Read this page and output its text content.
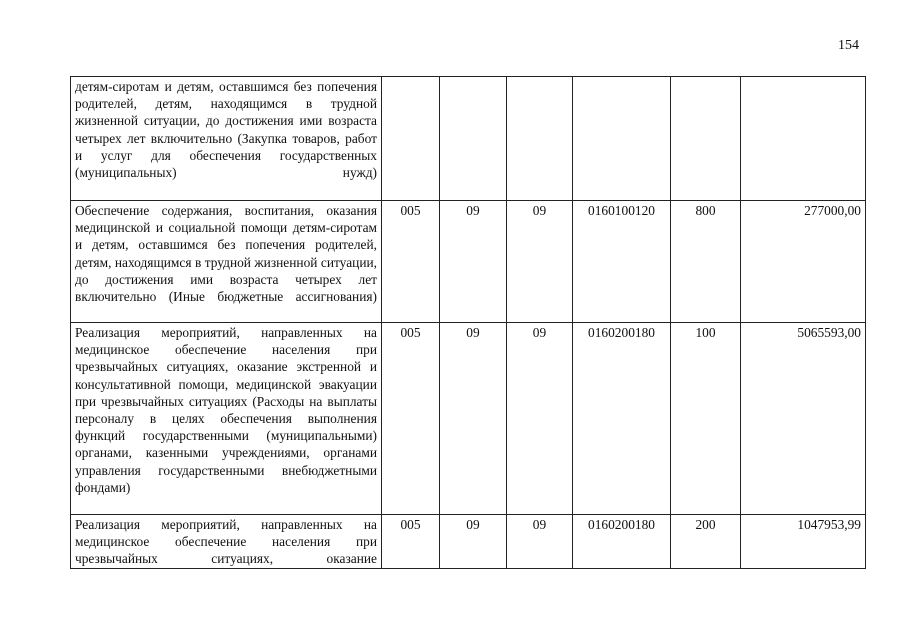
154
детям-сиротам и детям, оставшимся без попечения родителей, детям, находящимся в трудной жизненной ситуации, до достижения ими возраста четырех лет включительно (Закупка товаров, работ и услуг для обеспечения государственных (муниципальных) нужд)						
Обеспечение содержания, воспитания, оказания медицинской и социальной помощи детям-сиротам и детям, оставшимся без попечения родителей, детям, находящимся в трудной жизненной ситуации, до достижения ими возраста четырех лет включительно (Иные бюджетные ассигнования)	005	09	09	0160100120	800	277000,00
Реализация мероприятий, направленных на медицинское обеспечение населения при чрезвычайных ситуациях, оказание экстренной и консультативной помощи, медицинской эвакуации при чрезвычайных ситуациях (Расходы на выплаты персоналу в целях обеспечения выполнения функций государственными (муниципальными) органами, казенными учреждениями, органами управления государственными внебюджетными фондами)	005	09	09	0160200180	100	5065593,00
Реализация мероприятий, направленных на медицинское обеспечение населения при чрезвычайных ситуациях, оказание	005	09	09	0160200180	200	1047953,99
